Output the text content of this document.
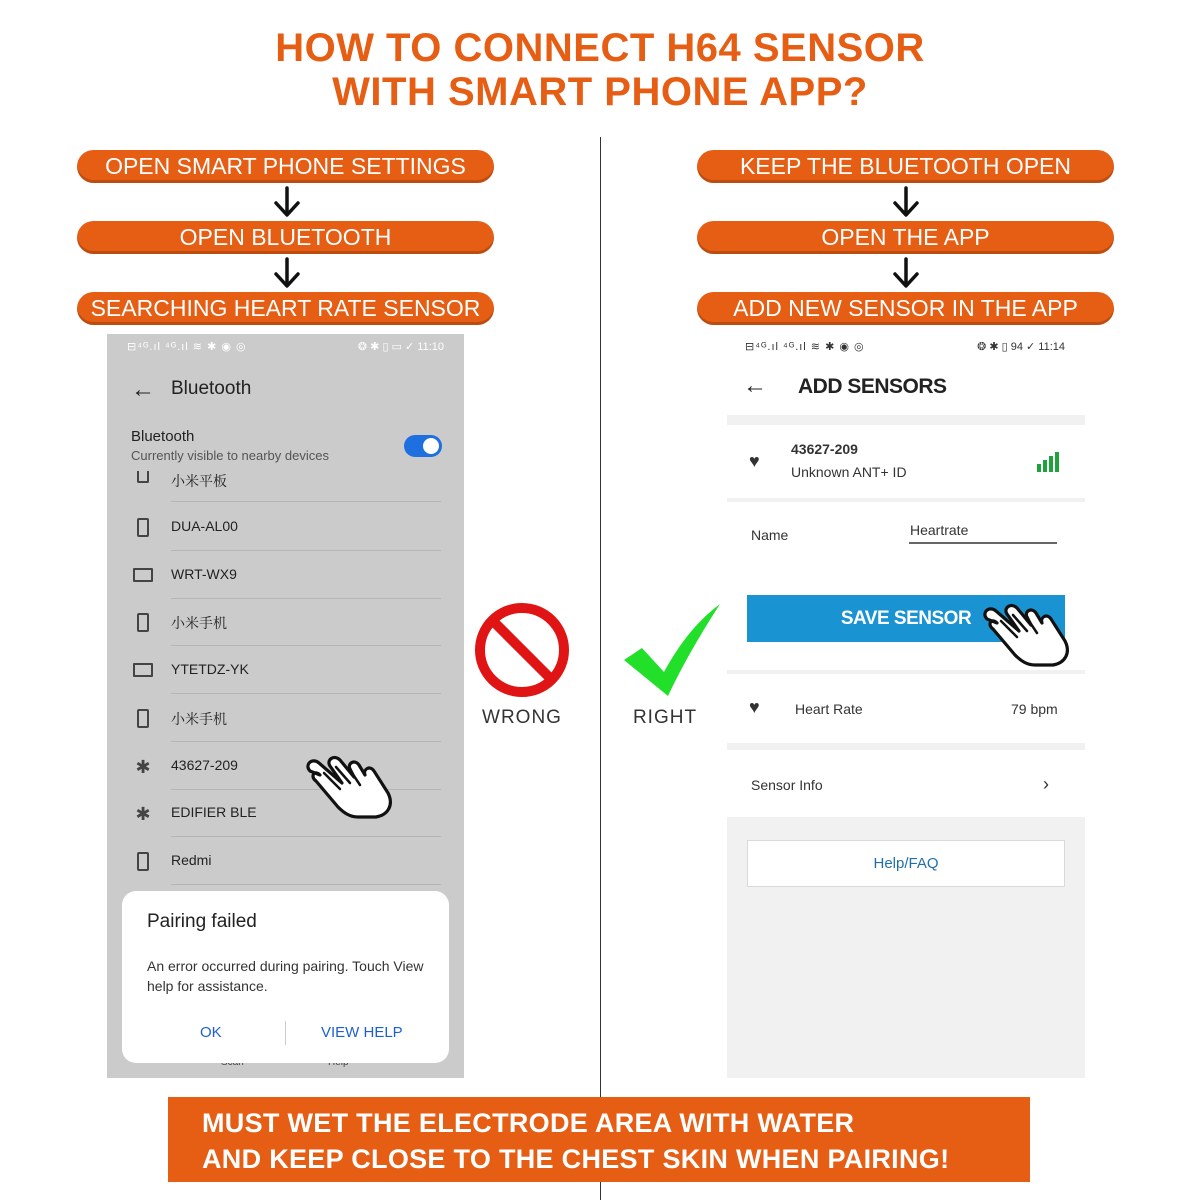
HOW TO CONNECT H64 SENSOR
WITH SMART PHONE APP?
OPEN SMART PHONE SETTINGS
OPEN BLUETOOTH
SEARCHING HEART RATE SENSOR
KEEP THE BLUETOOTH OPEN
OPEN THE APP
ADD NEW SENSOR IN THE APP
⊟⁴ᴳ.ıl ⁴ᴳ.ıl ≋ ✱ ◉ ◎	❂ ✱ ▯ ▭ ✓ 11:10
← Bluetooth
Bluetooth
Currently visible to nearby devices
小米平板
DUA-AL00
WRT-WX9
小米手机
YTETDZ-YK
小米手机
✱	43627-209
✱	EDIFIER BLE
Redmi
Pairing failed
An error occurred during pairing. Touch View help for assistance.
OK	VIEW HELP
WRONG	RIGHT
⊟⁴ᴳ.ıl ⁴ᴳ.ıl ≋ ✱ ◉ ◎	❂ ✱ ▯ 94 ✓ 11:14
← ADD SENSORS
♥
43627-209
Unknown ANT+ ID
Name	Heartrate
SAVE SENSOR
♥	Heart Rate	79 bpm
Sensor Info	›
Help/FAQ
MUST WET THE ELECTRODE AREA WITH WATER
AND KEEP CLOSE TO THE CHEST SKIN WHEN PAIRING!
